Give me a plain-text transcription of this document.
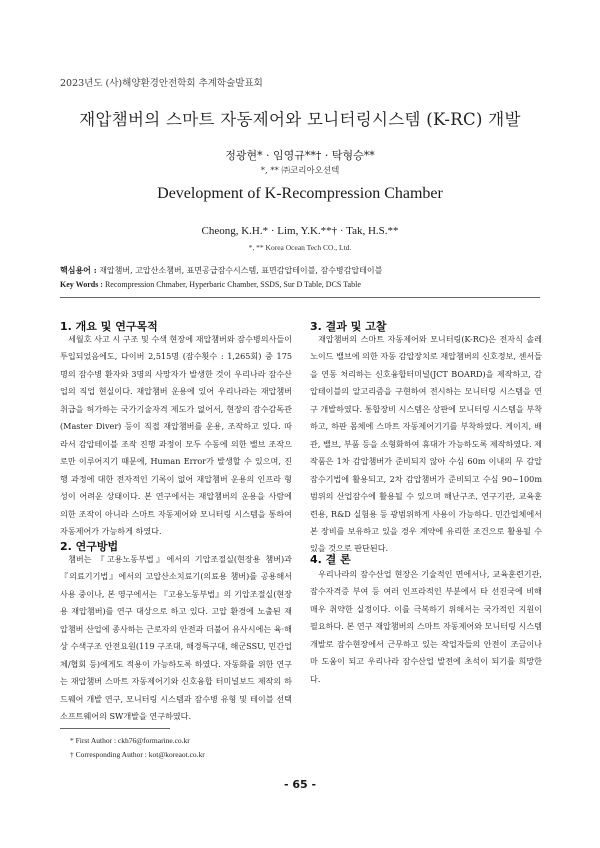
2023년도 (사)해양환경안전학회 추계학술발표회
재압챔버의 스마트 자동제어와 모니터링시스템 (K-RC) 개발
정광현* · 임영규**† · 탁형승**
*, ** ㈜코리아오션텍
Development of K-Recompression Chamber
Cheong, K.H.* · Lim, Y.K.**† · Tak, H.S.**
*, ** Korea Ocean Tech CO., Ltd.
핵심용어 : 재압챔버, 고압산소챔버, 표면공급잠수시스템, 표면감압테이블, 잠수병감압테이블
Key Words : Recompression Chmaber, Hyperbaric Chamber, SSDS, Sur D Table, DCS Table
1. 개요 및 연구목적

세월호 사고 시 구조 및 수색 현장에 재압챔버와 잠수병의사들이 투입되었음에도, 다이버 2,515명 (잠수횟수 : 1,265회) 중 175명의 잠수병 환자와 3명의 사망자가 발생한 것이 우리나라 잠수산업의 직업 현실이다. 재압챔버 운용에 있어 우리나라는 재압챔버 취급을 허가하는 국가기술자격 제도가 없어서, 현장의 잠수감독관(Master Diver) 등이 직접 재압챔버를 운용, 조작하고 있다. 따라서 감압테이블 조작 진행 과정이 모두 수동에 의한 밸브 조작으로만 이루어지기 때문에, Human Error가 발생할 수 있으며, 진행 과정에 대한 전자적인 기록이 없어 재압챔버 운용의 인프라 형성이 어려운 상태이다. 본 연구에서는 재압챔버의 운용을 사람에 의한 조작이 아니라 스마트 자동제어와 모니터링 시스템을 통하여 자동제어가 가능하게 하였다.

2. 연구방법

챔버는 『고용노동부법』에서의 기압조절실(현장용 챔버)과 『의료기기법』에서의 고압산소치료기(의료용 챔버)를 공용해서 사용 중이나, 본 영구에서는 『고용노동부법』의 기압조절실(현장용 재압챔버)를 연구 대상으로 하고 있다. 고압 환경에 노출된 재압챔버 산업에 종사하는 근로자의 안전과 더불어 유사시에는 육·해상 수색구조 안전요원(119 구조대, 해경특구대, 해군SSU, 민간업체/협회 등)에게도 적용이 가능하도록 하였다. 자동화를 위한 연구는 재압챔버 스마트 자동제어기와 신호융합 터미널보드 제작의 하드웨어 개발 연구, 모니터링 시스템과 잠수병 유형 및 테이블 선택 소프트웨어의 SW개발을 연구하였다.

3. 결과 및 고찰

재압챔버의 스마트 자동제어와 모니터링(K-RC)은 전자식 솔레노이드 밸브에 의한 자동 감압장치로 재압챔버의 신호정보, 센서들을 연동 처리하는 신호융합터미널(JCT BOARD)을 제작하고, 감압테이블의 알고리즘을 구현하여 전시하는 모니터링 시스템을 연구 개발하였다. 통합장비 시스템은 상판에 모니터링 시스템을 부착하고, 하판 몸체에 스마트 자동제어기기를 부착하였다. 게이지, 배관, 밸브, 부품 등을 소형화하여 휴대가 가능하도록 제작하였다. 제작품은 1차 감압챔버가 준비되지 않아 수심 60m 이내의 무 감압 잠수기법에 활용되고, 2차 감압챔버가 준비되고 수심 90~100m 범위의 산업잠수에 활용될 수 있으며 해난구조, 연구기관, 교육훈련용, R&D 실험용 등 광범위하게 사용이 가능하다. 민간업체에서 본 장비를 보유하고 있을 경우 계약에 유리한 조건으로 활용될 수 있을 것으로 판단된다.

4. 결 론

우리나라의 잠수산업 현장은 기술적인 면에서나, 교육훈련기관, 잠수자격증 부여 등 여러 인프라적인 부분에서 타 선진국에 비해 매우 취약한 실정이다. 이를 극복하기 위해서는 국가적인 지원이 필요하다. 본 연구 재압챔버의 스마트 자동제어와 모니터링 시스템 개발로 잠수현장에서 근무하고 있는 작업자들의 안전이 조금이나마 도움이 되고 우리나라 잠수산업 발전에 초석이 되기를 희망한다.

* First Author : ckh76@formarine.co.kr
† Corresponding Author : kot@koreaot.co.kr
- 65 -
